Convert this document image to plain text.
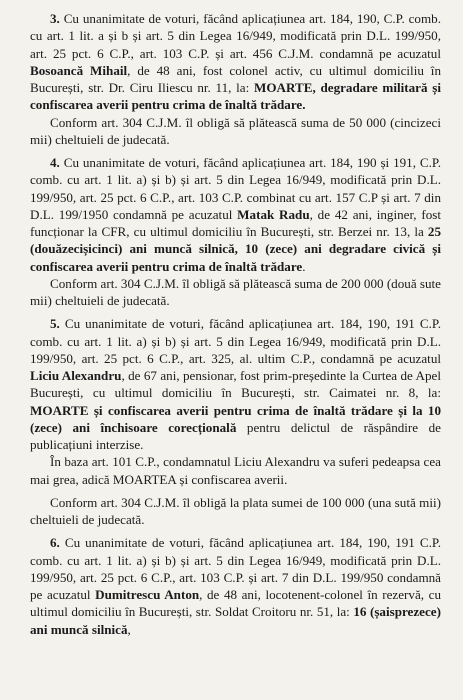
3. Cu unanimitate de voturi, făcând aplicațiunea art. 184, 190, C.P. comb. cu art. 1 lit. a și b și art. 5 din Legea 16/949, modificată prin D.L. 199/950, art. 25 pct. 6 C.P., art. 103 C.P. și art. 456 C.J.M. condamnă pe acuzatul Bosoancă Mihail, de 48 ani, fost colonel activ, cu ultimul domiciliu în București, str. Dr. Ciru Iliescu nr. 11, la: MOARTE, degradare militară și confiscarea averii pentru crima de înaltă trădare.

Conform art. 304 C.J.M. îl obligă să plătească suma de 50 000 (cincizeci mii) cheltuieli de judecată.

4. Cu unanimitate de voturi, făcând aplicațiunea art. 184, 190 și 191, C.P. comb. cu art. 1 lit. a) și b) și art. 5 din Legea 16/949, modificată prin D.L. 199/950, art. 25 pct. 6 C.P., art. 103 C.P. combinat cu art. 157 C.P și art. 7 din D.L. 199/1950 condamnă pe acuzatul Matak Radu, de 42 ani, inginer, fost funcționar la CFR, cu ultimul domiciliu în București, str. Berzei nr. 13, la 25 (douăzecișicinci) ani muncă silnică, 10 (zece) ani degradare civică și confiscarea averii pentru crima de înaltă trădare.

Conform art. 304 C.J.M. îl obligă să plătească suma de 200 000 (două sute mii) cheltuieli de judecată.

5. Cu unanimitate de voturi, făcând aplicațiunea art. 184, 190, 191 C.P. comb. cu art. 1 lit. a) și b) și art. 5 din Legea 16/949, modificată prin D.L. 199/950, art. 25 pct. 6 C.P., art. 325, al. ultim C.P., condamnă pe acuzatul Liciu Alexandru, de 67 ani, pensionar, fost prim-președinte la Curtea de Apel București, cu ultimul domiciliu în București, str. Caimatei nr. 8, la: MOARTE și confiscarea averii pentru crima de înaltă trădare și la 10 (zece) ani închisoare corecțională pentru delictul de răspândire de publicațiuni interzise.

În baza art. 101 C.P., condamnatul Liciu Alexandru va suferi pedeapsa cea mai grea, adică MOARTEA și confiscarea averii.

Conform art. 304 C.J.M. îl obligă la plata sumei de 100 000 (una sută mii) cheltuieli de judecată.

6. Cu unanimitate de voturi, făcând aplicațiunea art. 184, 190, 191 C.P. comb. cu art. 1 lit. a) și b) și art. 5 din Legea 16/949, modificată prin D.L. 199/950, art. 25 pct. 6 C.P., art. 103 C.P. și art. 7 din D.L. 199/950 condamnă pe acuzatul Dumitrescu Anton, de 48 ani, locotenent-colonel în rezervă, cu ultimul domiciliu în București, str. Soldat Croitoru nr. 51, la: 16 (șaisprezece) ani muncă silnică,
